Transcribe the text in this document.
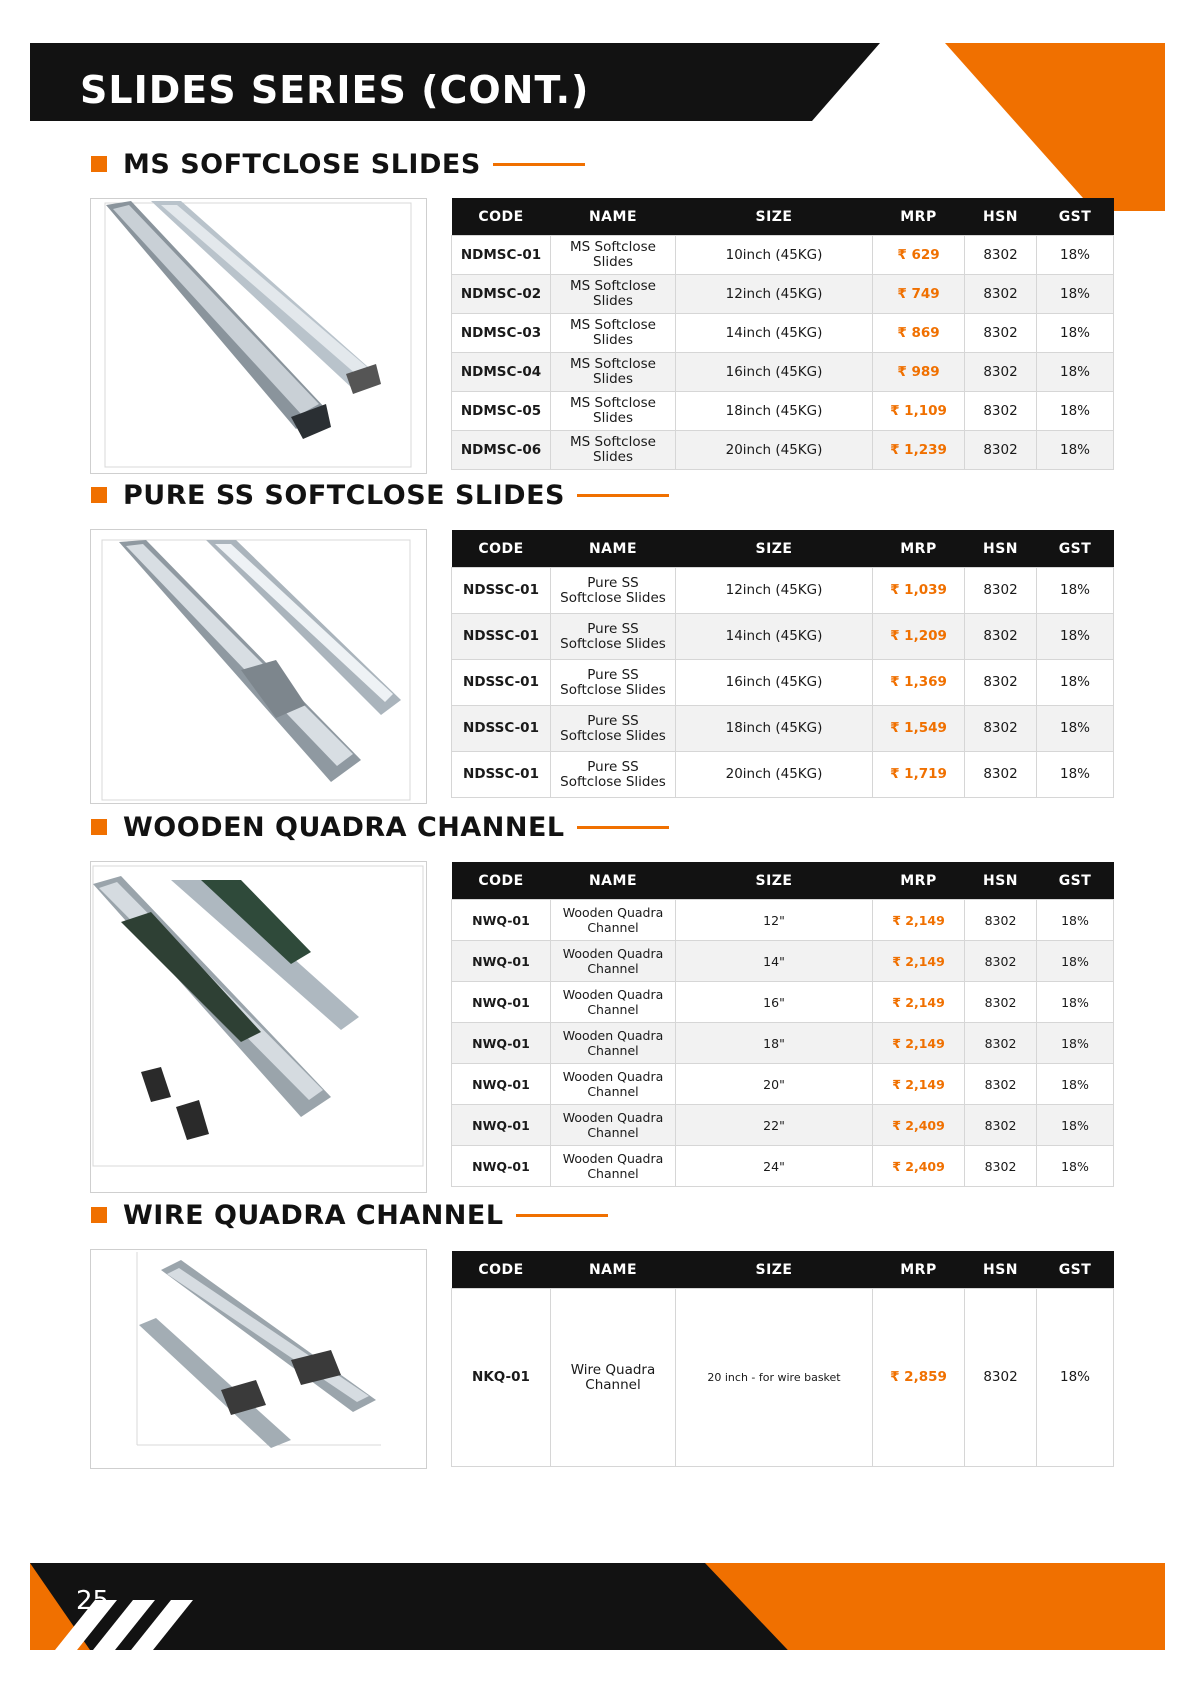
SLIDES SERIES (CONT.)
MS SOFTCLOSE SLIDES
CODE	NAME	SIZE	MRP	HSN	GST
NDMSC-01	MS Softclose Slides	10inch (45KG)	₹ 629	8302	18%
NDMSC-02	MS Softclose Slides	12inch (45KG)	₹ 749	8302	18%
NDMSC-03	MS Softclose Slides	14inch (45KG)	₹ 869	8302	18%
NDMSC-04	MS Softclose Slides	16inch (45KG)	₹ 989	8302	18%
NDMSC-05	MS Softclose Slides	18inch (45KG)	₹ 1,109	8302	18%
NDMSC-06	MS Softclose Slides	20inch (45KG)	₹ 1,239	8302	18%
PURE SS SOFTCLOSE SLIDES
CODE	NAME	SIZE	MRP	HSN	GST
NDSSC-01	Pure SS Softclose Slides	12inch (45KG)	₹ 1,039	8302	18%
NDSSC-01	Pure SS Softclose Slides	14inch (45KG)	₹ 1,209	8302	18%
NDSSC-01	Pure SS Softclose Slides	16inch (45KG)	₹ 1,369	8302	18%
NDSSC-01	Pure SS Softclose Slides	18inch (45KG)	₹ 1,549	8302	18%
NDSSC-01	Pure SS Softclose Slides	20inch (45KG)	₹ 1,719	8302	18%
WOODEN QUADRA CHANNEL
CODE	NAME	SIZE	MRP	HSN	GST
NWQ-01	Wooden Quadra Channel	12"	₹ 2,149	8302	18%
NWQ-01	Wooden Quadra Channel	14"	₹ 2,149	8302	18%
NWQ-01	Wooden Quadra Channel	16"	₹ 2,149	8302	18%
NWQ-01	Wooden Quadra Channel	18"	₹ 2,149	8302	18%
NWQ-01	Wooden Quadra Channel	20"	₹ 2,149	8302	18%
NWQ-01	Wooden Quadra Channel	22"	₹ 2,409	8302	18%
NWQ-01	Wooden Quadra Channel	24"	₹ 2,409	8302	18%
WIRE QUADRA CHANNEL
CODE	NAME	SIZE	MRP	HSN	GST
NKQ-01	Wire Quadra Channel	20 inch - for wire basket	₹ 2,859	8302	18%
25
